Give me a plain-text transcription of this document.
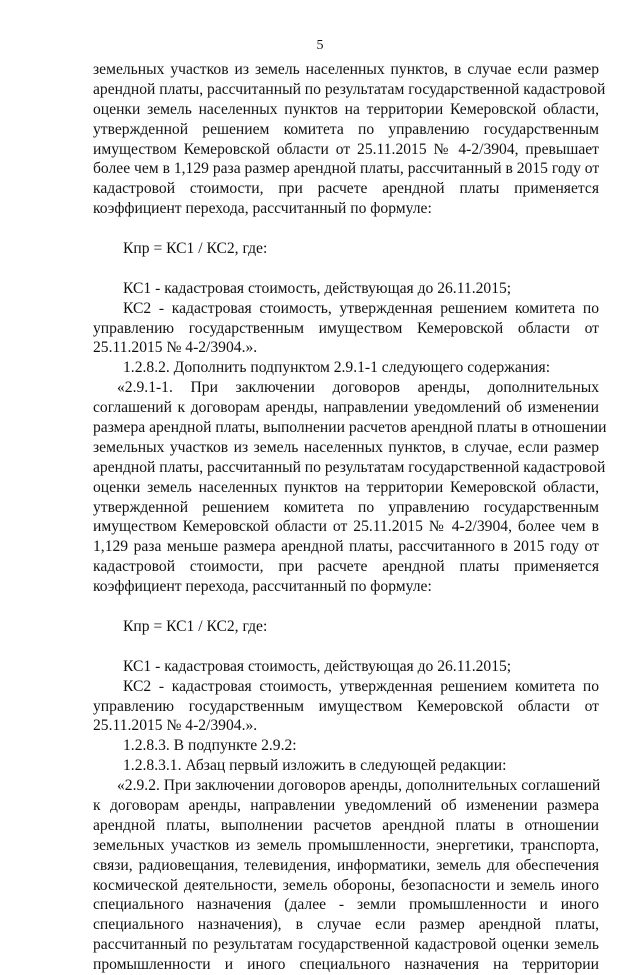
5
земельных участков из земель населенных пунктов, в случае если размер
арендной платы, рассчитанный по результатам государственной кадастровой
оценки земель населенных пунктов на территории Кемеровской области,
утвержденной решением комитета по управлению государственным
имуществом Кемеровской области от 25.11.2015 № 4-2/3904, превышает
более чем в 1,129 раза размер арендной платы, рассчитанный в 2015 году от
кадастровой стоимости, при расчете арендной платы применяется
коэффициент перехода, рассчитанный по формуле:
Кпр = КС1 / КС2, где:
КС1 - кадастровая стоимость, действующая до 26.11.2015;
КС2 - кадастровая стоимость, утвержденная решением комитета по
управлению государственным имуществом Кемеровской области от
25.11.2015 № 4-2/3904.».
1.2.8.2. Дополнить подпунктом 2.9.1-1 следующего содержания:
«2.9.1-1. При заключении договоров аренды, дополнительных
соглашений к договорам аренды, направлении уведомлений об изменении
размера арендной платы, выполнении расчетов арендной платы в отношении
земельных участков из земель населенных пунктов, в случае, если размер
арендной платы, рассчитанный по результатам государственной кадастровой
оценки земель населенных пунктов на территории Кемеровской области,
утвержденной решением комитета по управлению государственным
имуществом Кемеровской области от 25.11.2015 № 4-2/3904, более чем в
1,129 раза меньше размера арендной платы, рассчитанного в 2015 году от
кадастровой стоимости, при расчете арендной платы применяется
коэффициент перехода, рассчитанный по формуле:
Кпр = КС1 / КС2, где:
КС1 - кадастровая стоимость, действующая до 26.11.2015;
КС2 - кадастровая стоимость, утвержденная решением комитета по
управлению государственным имуществом Кемеровской области от
25.11.2015 № 4-2/3904.».
1.2.8.3. В подпункте 2.9.2:
1.2.8.3.1. Абзац первый изложить в следующей редакции:
«2.9.2. При заключении договоров аренды, дополнительных соглашений
к договорам аренды, направлении уведомлений об изменении размера
арендной платы, выполнении расчетов арендной платы в отношении
земельных участков из земель промышленности, энергетики, транспорта,
связи, радиовещания, телевидения, информатики, земель для обеспечения
космической деятельности, земель обороны, безопасности и земель иного
специального назначения (далее - земли промышленности и иного
специального назначения), в случае если размер арендной платы,
рассчитанный по результатам государственной кадастровой оценки земель
промышленности и иного специального назначения на территории
